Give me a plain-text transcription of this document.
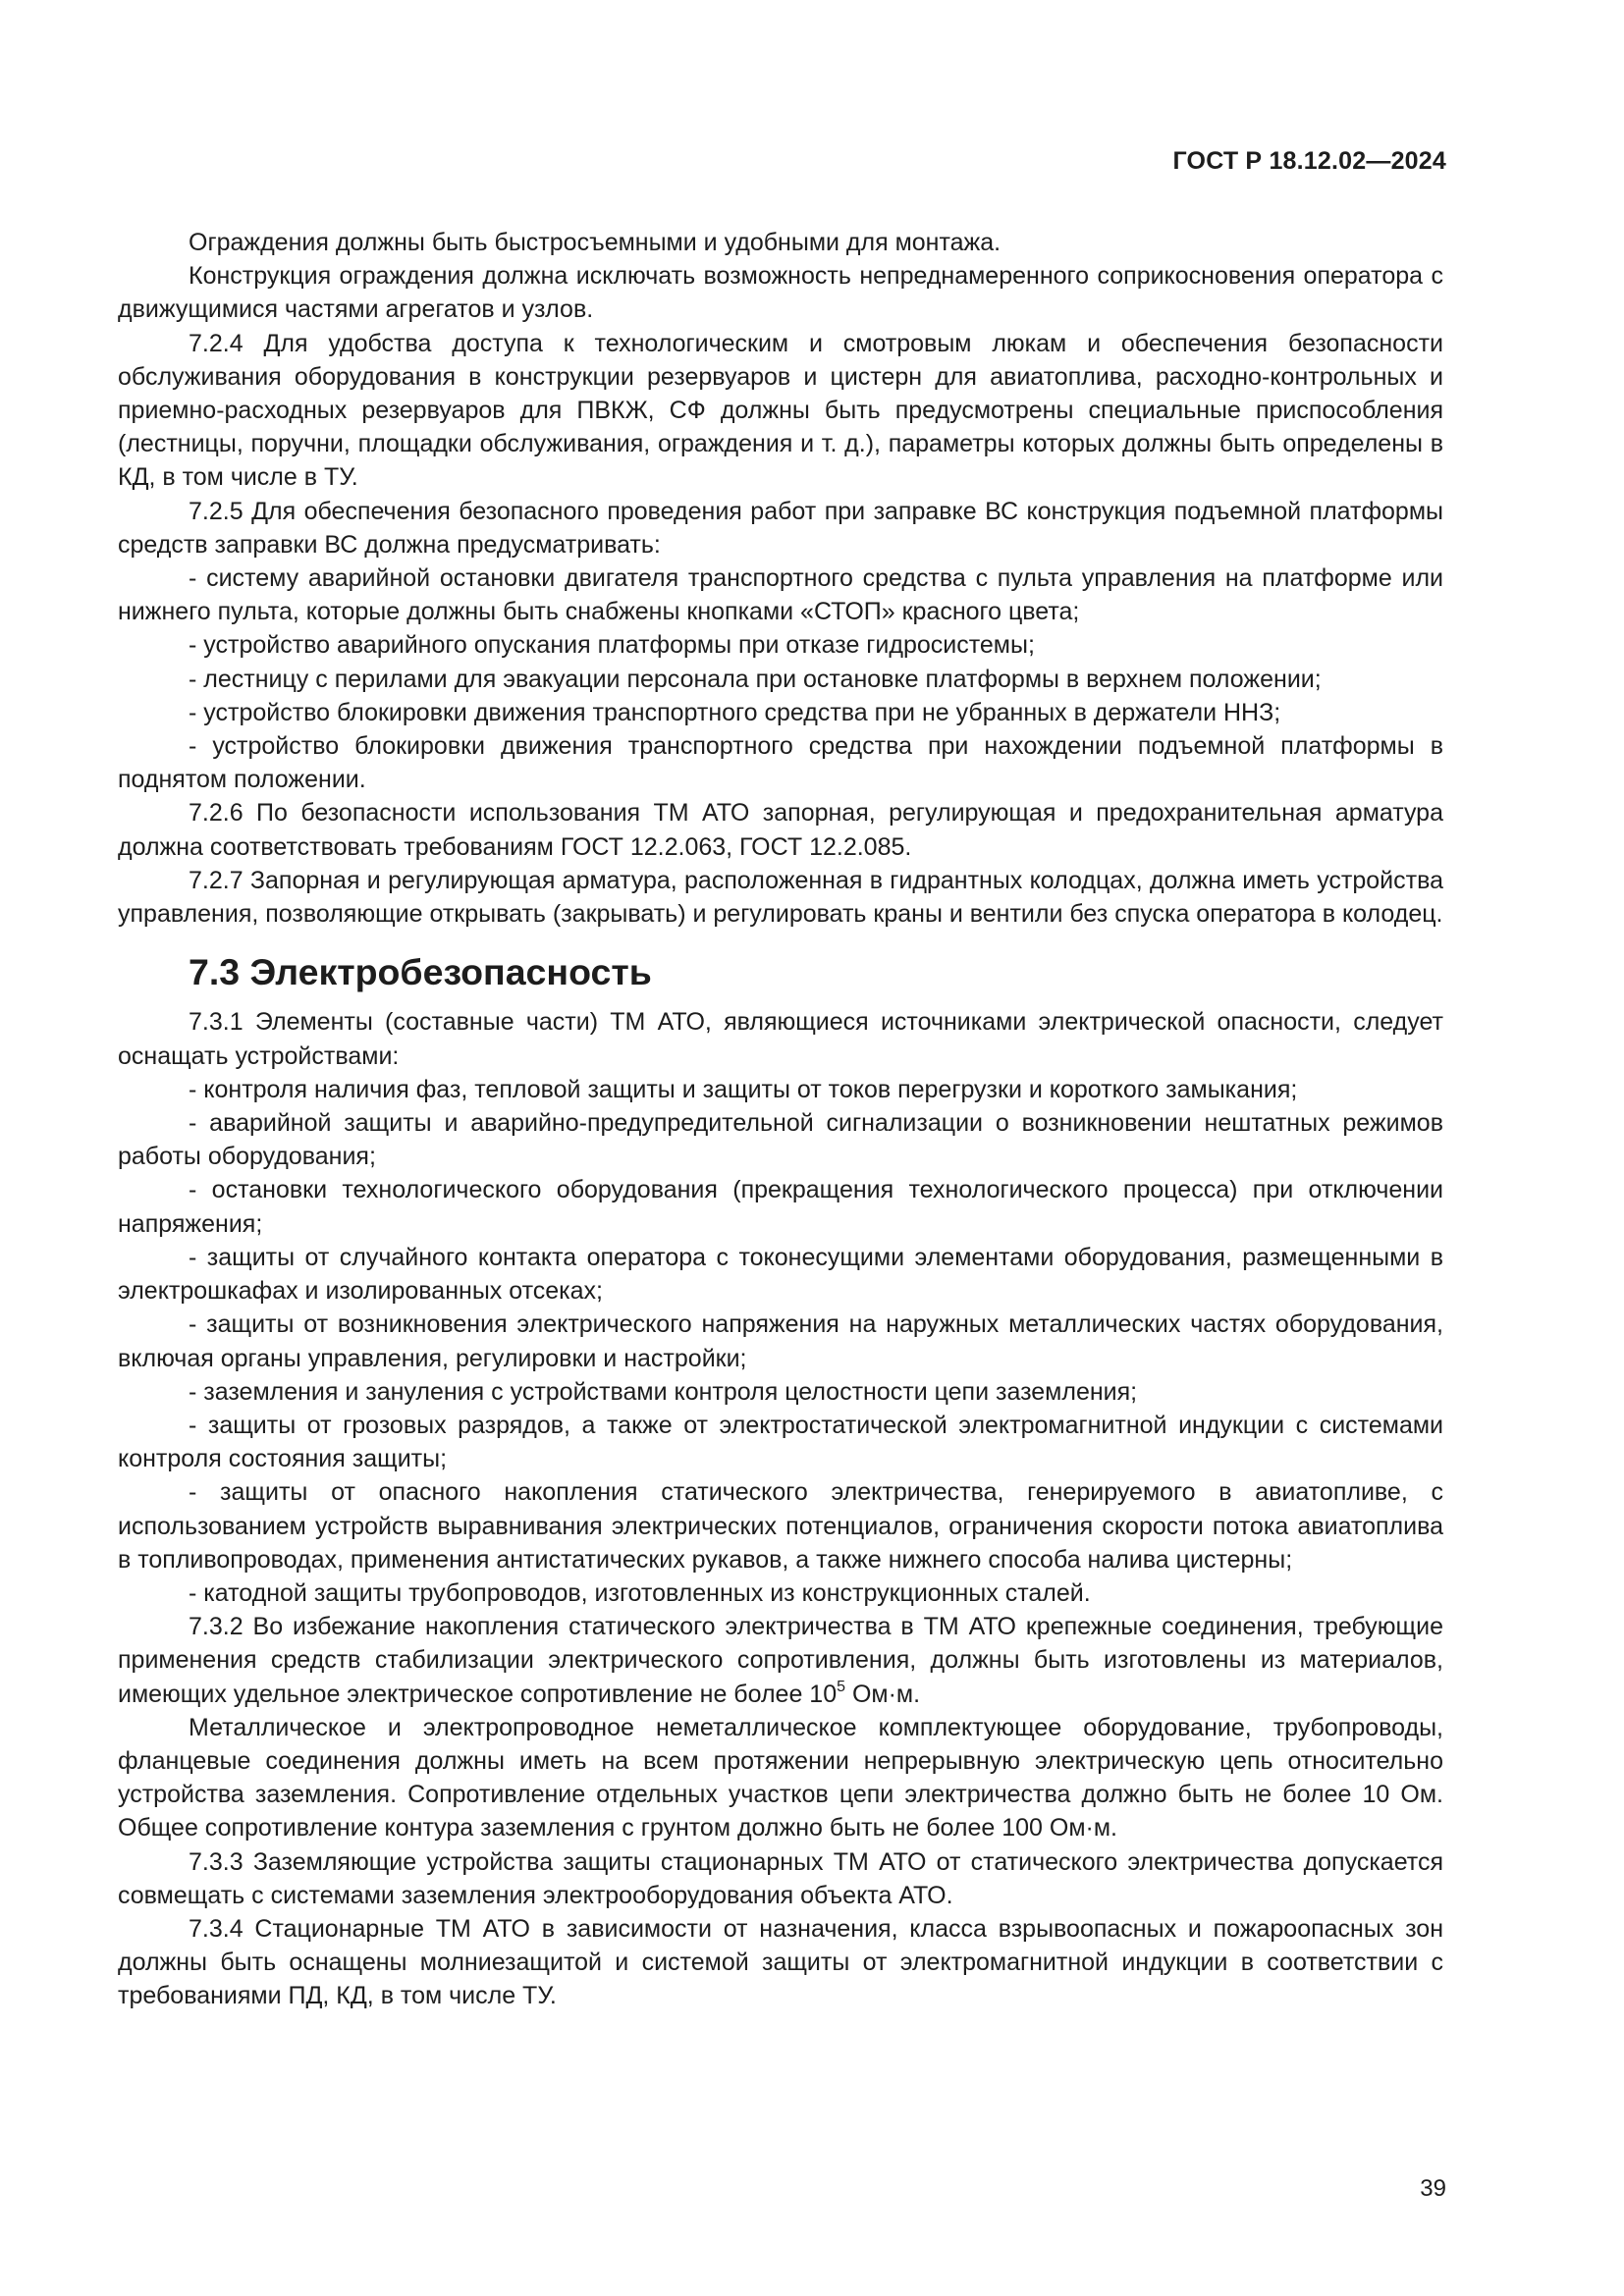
ГОСТ Р 18.12.02—2024

Ограждения должны быть быстросъемными и удобными для монтажа.

Конструкция ограждения должна исключать возможность непреднамеренного соприкосновения оператора с движущимися частями агрегатов и узлов.

7.2.4 Для удобства доступа к технологическим и смотровым люкам и обеспечения безопасности обслуживания оборудования в конструкции резервуаров и цистерн для авиатоплива, расходно-контрольных и приемно-расходных резервуаров для ПВКЖ, СФ должны быть предусмотрены специальные приспособления (лестницы, поручни, площадки обслуживания, ограждения и т. д.), параметры которых должны быть определены в КД, в том числе в ТУ.

7.2.5 Для обеспечения безопасного проведения работ при заправке ВС конструкция подъемной платформы средств заправки ВС должна предусматривать:

- систему аварийной остановки двигателя транспортного средства с пульта управления на платформе или нижнего пульта, которые должны быть снабжены кнопками «СТОП» красного цвета;

- устройство аварийного опускания платформы при отказе гидросистемы;

- лестницу с перилами для эвакуации персонала при остановке платформы в верхнем положении;

- устройство блокировки движения транспортного средства при не убранных в держатели ННЗ;

- устройство блокировки движения транспортного средства при нахождении подъемной платформы в поднятом положении.

7.2.6 По безопасности использования ТМ АТО запорная, регулирующая и предохранительная арматура должна соответствовать требованиям ГОСТ 12.2.063, ГОСТ 12.2.085.

7.2.7 Запорная и регулирующая арматура, расположенная в гидрантных колодцах, должна иметь устройства управления, позволяющие открывать (закрывать) и регулировать краны и вентили без спуска оператора в колодец.

7.3 Электробезопасность

7.3.1 Элементы (составные части) ТМ АТО, являющиеся источниками электрической опасности, следует оснащать устройствами:

- контроля наличия фаз, тепловой защиты и защиты от токов перегрузки и короткого замыкания;

- аварийной защиты и аварийно-предупредительной сигнализации о возникновении нештатных режимов работы оборудования;

- остановки технологического оборудования (прекращения технологического процесса) при отключении напряжения;

- защиты от случайного контакта оператора с токонесущими элементами оборудования, размещенными в электрошкафах и изолированных отсеках;

- защиты от возникновения электрического напряжения на наружных металлических частях оборудования, включая органы управления, регулировки и настройки;

- заземления и зануления с устройствами контроля целостности цепи заземления;

- защиты от грозовых разрядов, а также от электростатической электромагнитной индукции с системами контроля состояния защиты;

- защиты от опасного накопления статического электричества, генерируемого в авиатопливе, с использованием устройств выравнивания электрических потенциалов, ограничения скорости потока авиатоплива в топливопроводах, применения антистатических рукавов, а также нижнего способа налива цистерны;

- катодной защиты трубопроводов, изготовленных из конструкционных сталей.

7.3.2 Во избежание накопления статического электричества в ТМ АТО крепежные соединения, требующие применения средств стабилизации электрического сопротивления, должны быть изготовлены из материалов, имеющих удельное электрическое сопротивление не более $10^5$ Ом·м.

Металлическое и электропроводное неметаллическое комплектующее оборудование, трубопроводы, фланцевые соединения должны иметь на всем протяжении непрерывную электрическую цепь относительно устройства заземления. Сопротивление отдельных участков цепи электричества должно быть не более 10 Ом. Общее сопротивление контура заземления с грунтом должно быть не более 100 Ом·м.

7.3.3 Заземляющие устройства защиты стационарных ТМ АТО от статического электричества допускается совмещать с системами заземления электрооборудования объекта АТО.

7.3.4 Стационарные ТМ АТО в зависимости от назначения, класса взрывоопасных и пожароопасных зон должны быть оснащены молниезащитой и системой защиты от электромагнитной индукции в соответствии с требованиями ПД, КД, в том числе ТУ.

39
